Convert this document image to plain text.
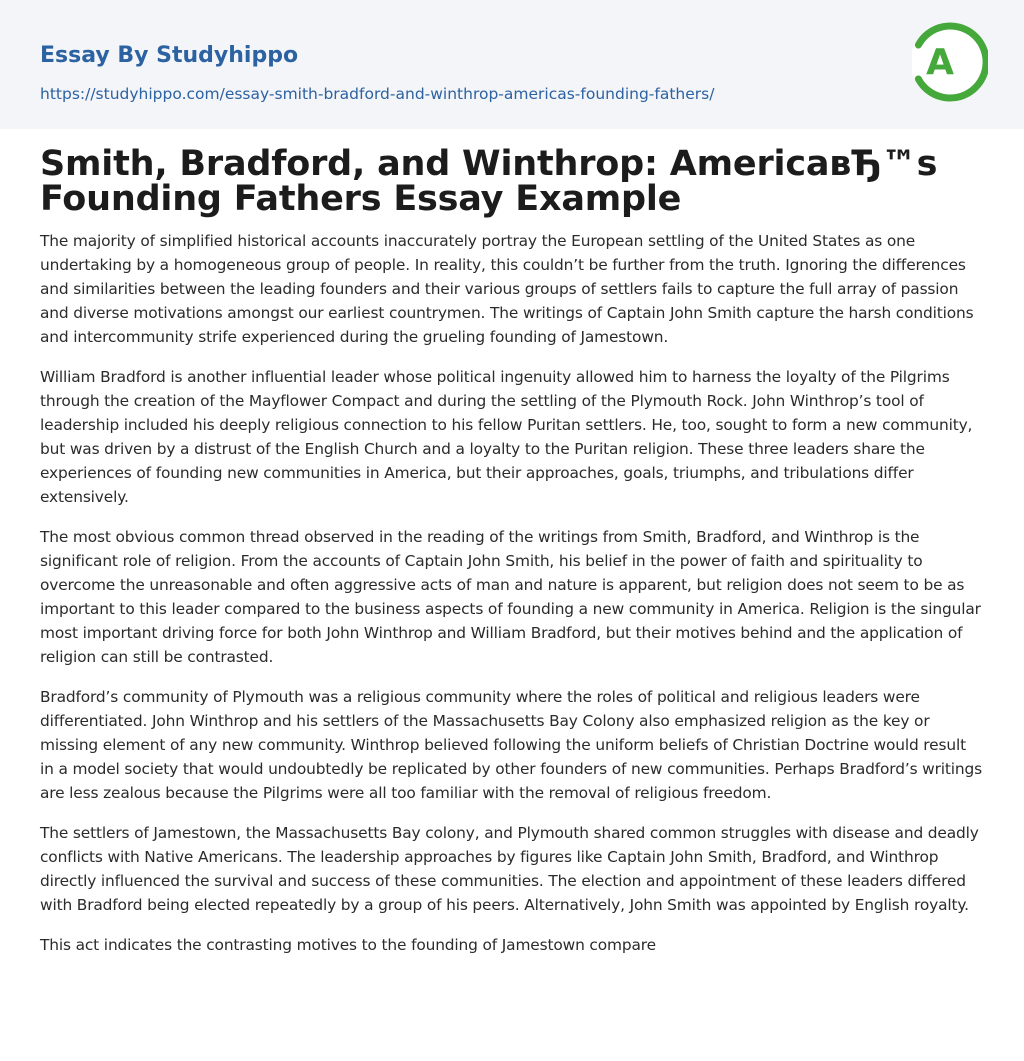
Essay By Studyhippo
https://studyhippo.com/essay-smith-bradford-and-winthrop-americas-founding-fathers/
A
Smith, Bradford, and Winthrop: AmericaвЂ™s Founding Fathers Essay Example

The majority of simplified historical accounts inaccurately portray the European settling of the United States as one undertaking by a homogeneous group of people. In reality, this couldn’t be further from the truth. Ignoring the differences and similarities between the leading founders and their various groups of settlers fails to capture the full array of passion and diverse motivations amongst our earliest countrymen. The writings of Captain John Smith capture the harsh conditions and intercommunity strife experienced during the grueling founding of Jamestown.

William Bradford is another influential leader whose political ingenuity allowed him to harness the loyalty of the Pilgrims through the creation of the Mayflower Compact and during the settling of the Plymouth Rock. John Winthrop’s tool of leadership included his deeply religious connection to his fellow Puritan settlers. He, too, sought to form a new community, but was driven by a distrust of the English Church and a loyalty to the Puritan religion. These three leaders share the experiences of founding new communities in America, but their approaches, goals, triumphs, and tribulations differ extensively.

The most obvious common thread observed in the reading of the writings from Smith, Bradford, and Winthrop is the significant role of religion. From the accounts of Captain John Smith, his belief in the power of faith and spirituality to overcome the unreasonable and often aggressive acts of man and nature is apparent, but religion does not seem to be as important to this leader compared to the business aspects of founding a new community in America. Religion is the singular most important driving force for both John Winthrop and William Bradford, but their motives behind and the application of religion can still be contrasted.

Bradford’s community of Plymouth was a religious community where the roles of political and religious leaders were differentiated. John Winthrop and his settlers of the Massachusetts Bay Colony also emphasized religion as the key or missing element of any new community. Winthrop believed following the uniform beliefs of Christian Doctrine would result in a model society that would undoubtedly be replicated by other founders of new communities. Perhaps Bradford’s writings are less zealous because the Pilgrims were all too familiar with the removal of religious freedom.

The settlers of Jamestown, the Massachusetts Bay colony, and Plymouth shared common struggles with disease and deadly conflicts with Native Americans. The leadership approaches by figures like Captain John Smith, Bradford, and Winthrop directly influenced the survival and success of these communities. The election and appointment of these leaders differed with Bradford being elected repeatedly by a group of his peers. Alternatively, John Smith was appointed by English royalty.

This act indicates the contrasting motives to the founding of Jamestown compare
